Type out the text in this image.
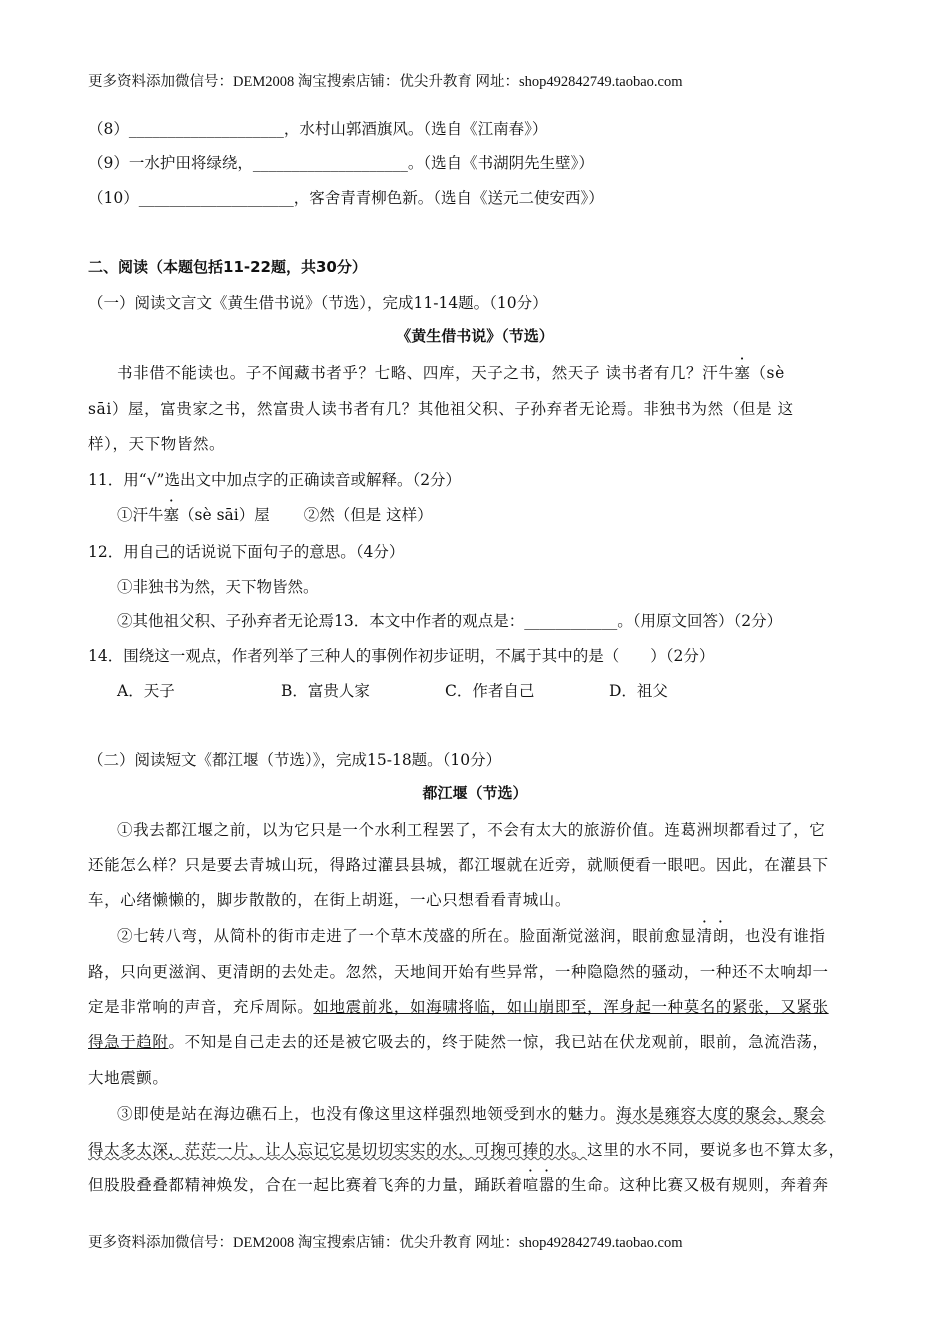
更多资料添加微信号：DEM2008 淘宝搜索店铺：优尖升教育 网址：shop492842749.taobao.com
（8）____________________，水村山郭酒旗风。（选自《江南春》）
（9）一水护田将绿绕，____________________。（选自《书湖阴先生壁》）
（10）____________________，客舍青青柳色新。（选自《送元二使安西》）
二、阅读（本题包括11-22题，共30分）
（一）阅读文言文《黄生借书说》（节选），完成11-14题。（10分）
《黄生借书说》（节选）
书非借不能读也。子不闻藏书者乎？七略、四库，天子之书，然天子 读书者有几？汗牛塞（sè
sāi）屋，富贵家之书，然富贵人读书者有几？其他祖父积、子孙弃者无论焉。非独书为然（但是 这
样），天下物皆然。
11．用“√”选出文中加点字的正确读音或解释。（2分）
①汗牛塞（sè sāi）屋 ②然（但是 这样）
12．用自己的话说说下面句子的意思。（4分）
①非独书为然，天下物皆然。
②其他祖父积、子孙弃者无论焉13．本文中作者的观点是：____________。（用原文回答）（2分）
14．围绕这一观点，作者列举了三种人的事例作初步证明，不属于其中的是（　　）（2分）
A．天子	B．富贵人家	C．作者自己	D．祖父
（二）阅读短文《都江堰（节选）》，完成15-18题。（10分）
都江堰（节选）
①我去都江堰之前，以为它只是一个水利工程罢了，不会有太大的旅游价值。连葛洲坝都看过了，它
还能怎么样？只是要去青城山玩，得路过灌县县城，都江堰就在近旁，就顺便看一眼吧。因此，在灌县下
车，心绪懒懒的，脚步散散的，在街上胡逛，一心只想看看青城山。
②七转八弯，从简朴的街市走进了一个草木茂盛的所在。脸面渐觉滋润，眼前愈显清朗，也没有谁指
路，只向更滋润、更清朗的去处走。忽然，天地间开始有些异常，一种隐隐然的骚动，一种还不太响却一
定是非常响的声音，充斥周际。如地震前兆，如海啸将临，如山崩即至，浑身起一种莫名的紧张，又紧张
得急于趋附。不知是自己走去的还是被它吸去的，终于陡然一惊，我已站在伏龙观前，眼前，急流浩荡，
大地震颤。
③即使是站在海边礁石上，也没有像这里这样强烈地领受到水的魅力。海水是雍容大度的聚会，聚会
得太多太深，茫茫一片，让人忘记它是切切实实的水，可掬可捧的水。这里的水不同，要说多也不算太多，
但股股叠叠都精神焕发，合在一起比赛着飞奔的力量，踊跃着喧嚣的生命。这种比赛又极有规则，奔着奔
更多资料添加微信号：DEM2008 淘宝搜索店铺：优尖升教育 网址：shop492842749.taobao.com
